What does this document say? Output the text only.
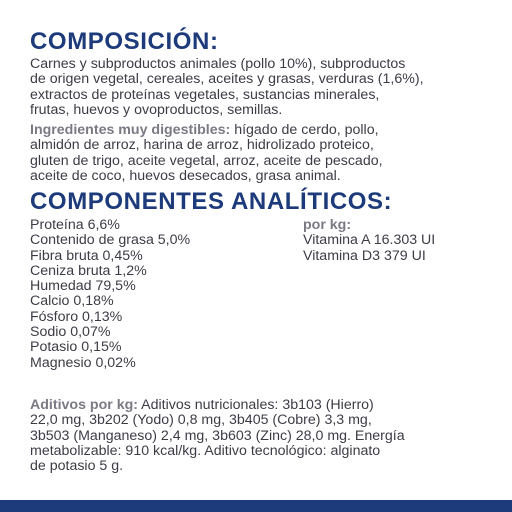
COMPOSICIÓN:
Carnes y subproductos animales (pollo 10%), subproductos
de origen vegetal, cereales, aceites y grasas, verduras (1,6%),
extractos de proteínas vegetales, sustancias minerales,
frutas, huevos y ovoproductos, semillas.
Ingredientes muy digestibles: hígado de cerdo, pollo,
almidón de arroz, harina de arroz, hidrolizado proteico,
gluten de trigo, aceite vegetal, arroz, aceite de pescado,
aceite de coco, huevos desecados, grasa animal.
COMPONENTES ANALÍTICOS:
Proteína 6,6%
Contenido de grasa 5,0%
Fibra bruta 0,45%
Ceniza bruta 1,2%
Humedad 79,5%
Calcio 0,18%
Fósforo 0,13%
Sodio 0,07%
Potasio 0,15%
Magnesio 0,02%
por kg:
Vitamina A 16.303 UI
Vitamina D3 379 UI
Aditivos por kg: Aditivos nutricionales: 3b103 (Hierro)
22,0 mg, 3b202 (Yodo) 0,8 mg, 3b405 (Cobre) 3,3 mg,
3b503 (Manganeso) 2,4 mg, 3b603 (Zinc) 28,0 mg. Energía
metabolizable: 910 kcal/kg. Aditivo tecnológico: alginato
de potasio 5 g.
